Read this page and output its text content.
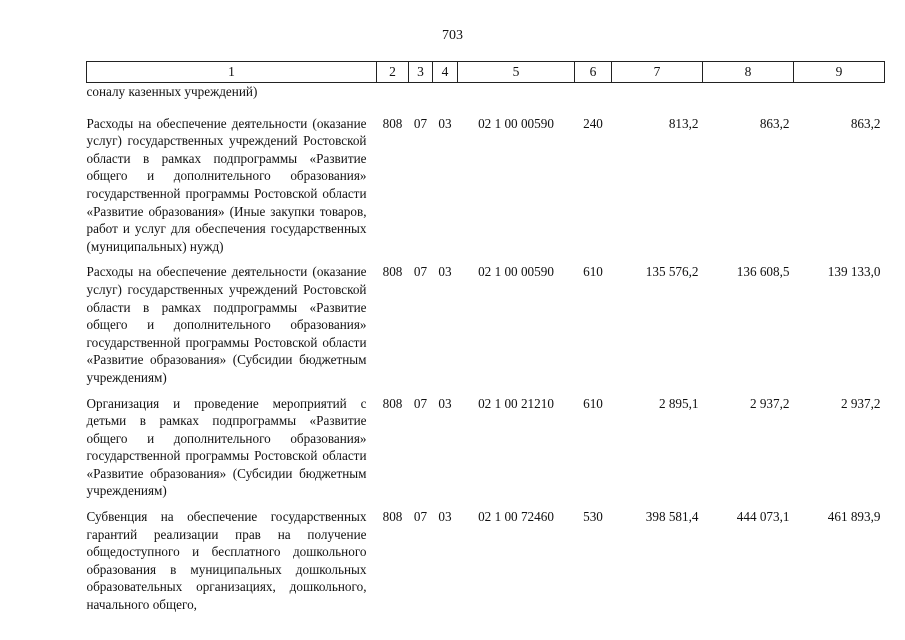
703
1	2	3	4	5	6	7	8	9
соналу казенных учреждений)								

Расходы на обеспечение деятельности (оказание услуг) государственных учреждений Ростовской области в рамках подпрограммы «Развитие общего и дополнительного образования» государственной программы Ростовской области «Развитие образования» (Иные закупки товаров, работ и услуг для обеспечения государственных (муниципальных) нужд)	808	07	03	02 1 00 00590	240	813,2	863,2	863,2

Расходы на обеспечение деятельности (оказание услуг) государственных учреждений Ростовской области в рамках подпрограммы «Развитие общего и дополнительного образования» государственной программы Ростовской области «Развитие образования» (Субсидии бюджетным учреждениям)	808	07	03	02 1 00 00590	610	135 576,2	136 608,5	139 133,0

Организация и проведение мероприятий с детьми в рамках подпрограммы «Развитие общего и дополнительного образования» государственной программы Ростовской области «Развитие образования» (Субсидии бюджетным учреждениям)	808	07	03	02 1 00 21210	610	2 895,1	2 937,2	2 937,2

Субвенция на обеспечение государственных гарантий реализации прав на получение общедоступного и бесплатного дошкольного образования в муниципальных дошкольных образовательных организациях, дошкольного, начального общего,	808	07	03	02 1 00 72460	530	398 581,4	444 073,1	461 893,9
